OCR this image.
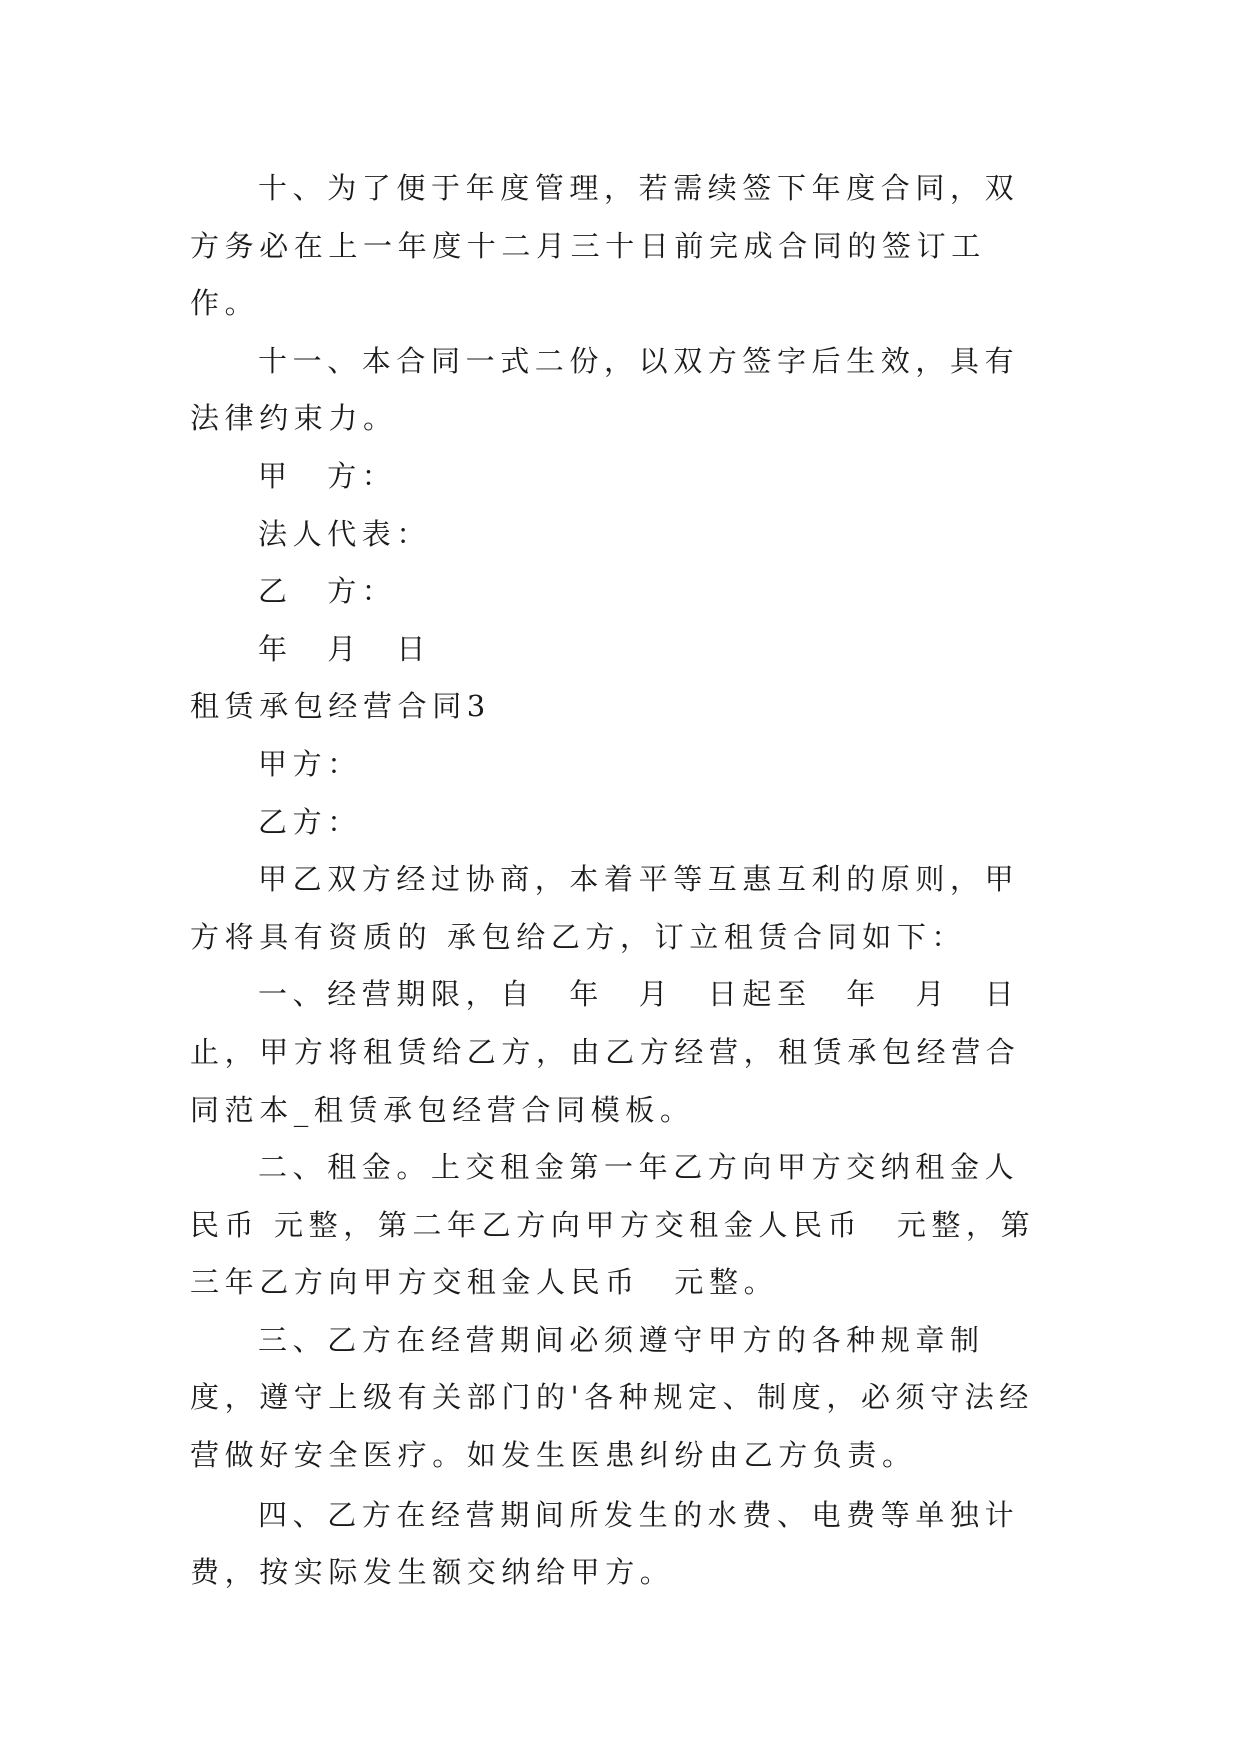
十、为了便于年度管理，若需续签下年度合同，双方务必在上一年度十二月三十日前完成合同的签订工作。

十一、本合同一式二份，以双方签字后生效，具有法律约束力。

甲　方：

法人代表：

乙　方：

年　月　日

租赁承包经营合同3

甲方：

乙方：

甲乙双方经过协商，本着平等互惠互利的原则，甲方将具有资质的 承包给乙方，订立租赁合同如下：

一、经营期限，自　年　月　日起至　年　月　日止，甲方将租赁给乙方，由乙方经营，租赁承包经营合同范本_租赁承包经营合同模板。

二、租金。上交租金第一年乙方向甲方交纳租金人民币 元整，第二年乙方向甲方交租金人民币　元整，第三年乙方向甲方交租金人民币　元整。

三、乙方在经营期间必须遵守甲方的各种规章制度，遵守上级有关部门的'各种规定、制度，必须守法经营做好安全医疗。如发生医患纠纷由乙方负责。

四、乙方在经营期间所发生的水费、电费等单独计费，按实际发生额交纳给甲方。
